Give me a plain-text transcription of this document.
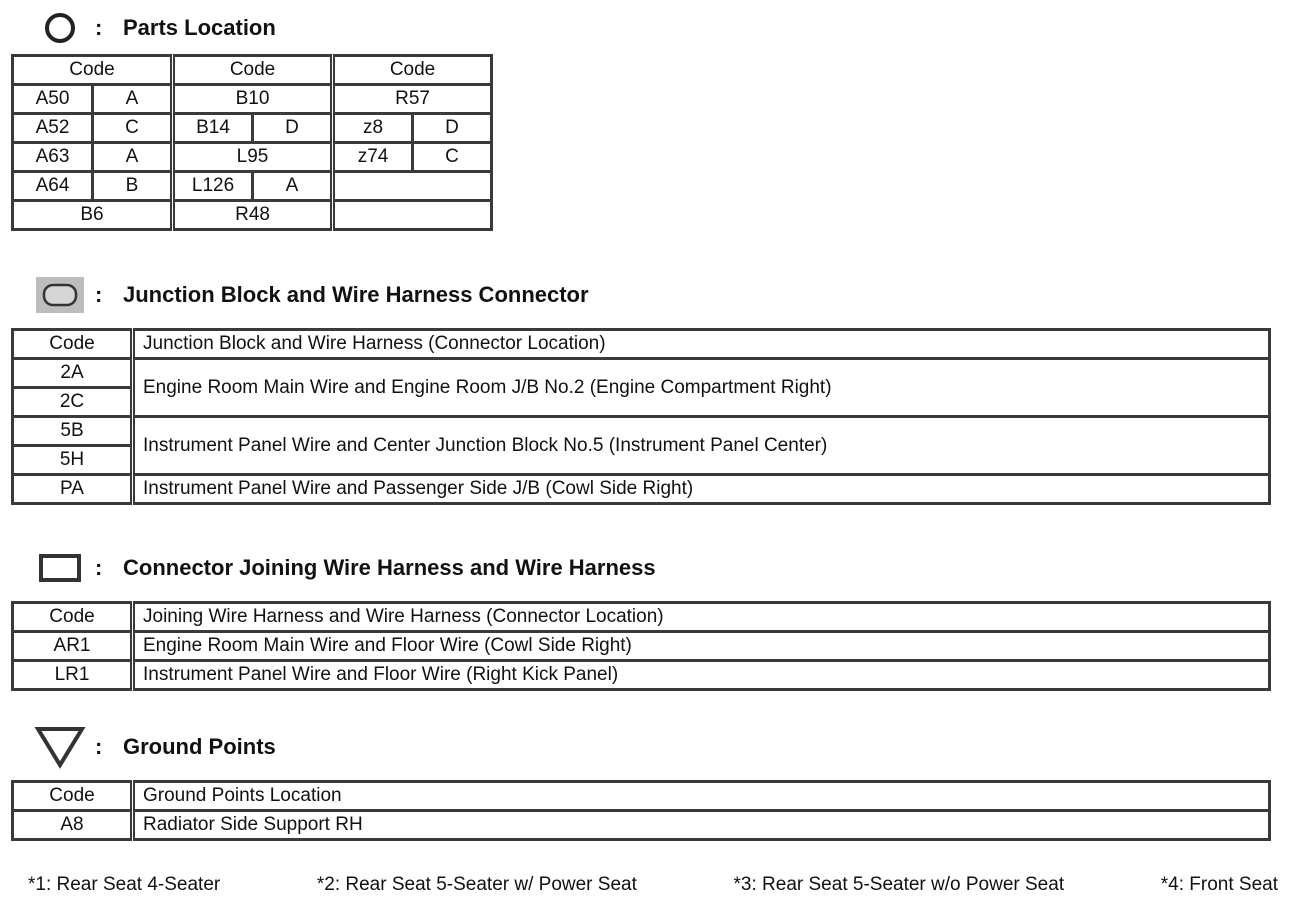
: Parts Location
Code		Code		Code	
A50	A	B10		R57	
A52	C	B14	D	z8	D
A63	A	L95		z74	C
A64	B	L126	A		
B6		R48			
: Junction Block and Wire Harness Connector
Code	Junction Block and Wire Harness (Connector Location)
2A	Engine Room Main Wire and Engine Room J/B No.2 (Engine Compartment Right)
2C	
5B	Instrument Panel Wire and Center Junction Block No.5 (Instrument Panel Center)
5H	
PA	Instrument Panel Wire and Passenger Side J/B (Cowl Side Right)
: Connector Joining Wire Harness and Wire Harness
Code	Joining Wire Harness and Wire Harness (Connector Location)
AR1	Engine Room Main Wire and Floor Wire (Cowl Side Right)
LR1	Instrument Panel Wire and Floor Wire (Right Kick Panel)
: Ground Points
Code	Ground Points Location
A8	Radiator Side Support RH
*1: Rear Seat 4-Seater	*2: Rear Seat 5-Seater w/ Power Seat	*3: Rear Seat 5-Seater w/o Power Seat	*4: Front Seat
